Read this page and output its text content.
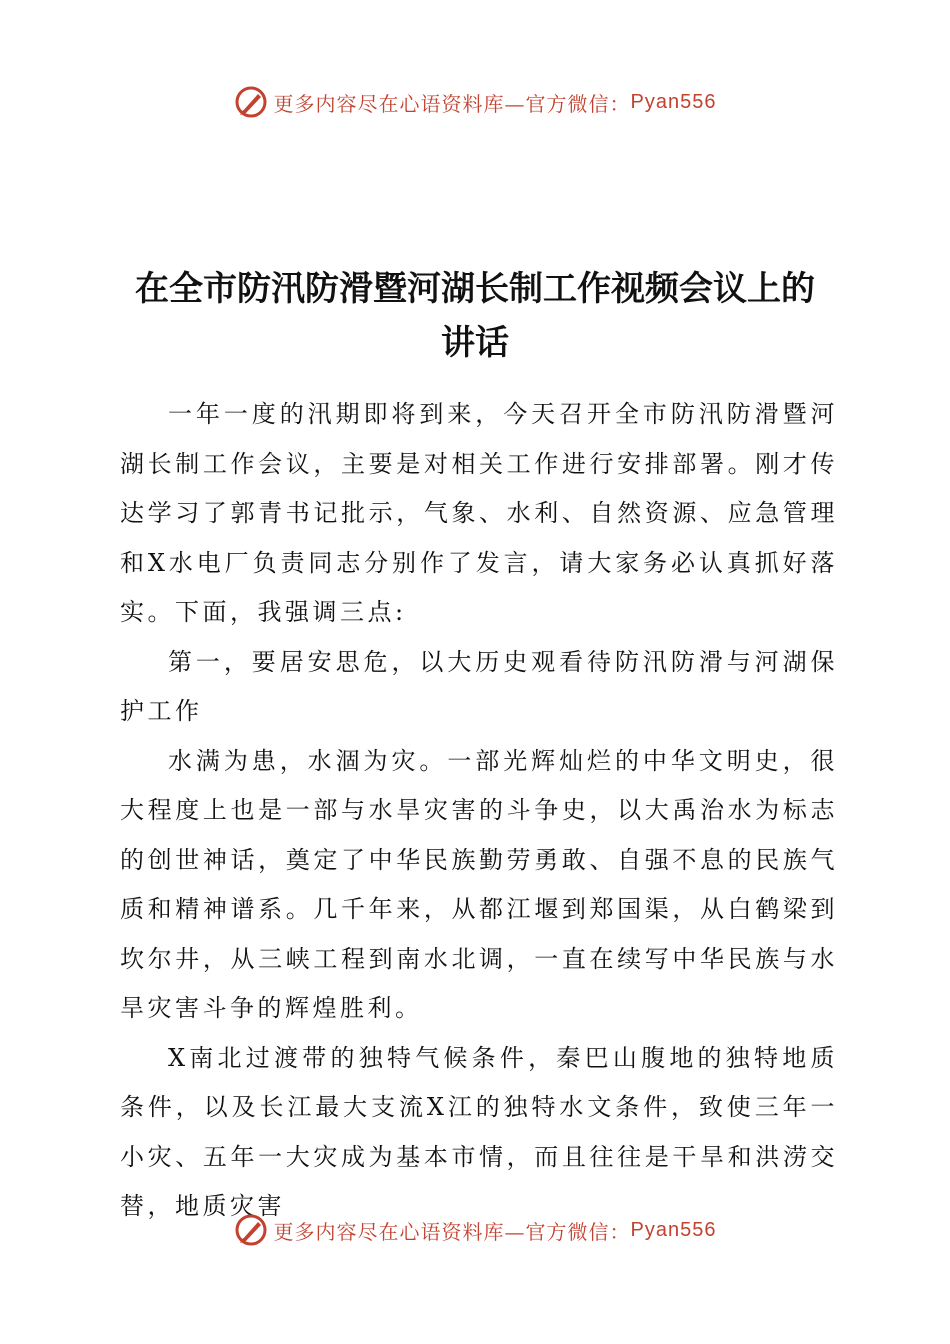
更多内容尽在心语资料库—官方微信： Pyan556
在全市防汛防滑暨河湖长制工作视频会议上的
讲话

一年一度的汛期即将到来，今天召开全市防汛防滑暨河湖长制工作会议，主要是对相关工作进行安排部署。刚才传达学习了郭青书记批示，气象、水利、自然资源、应急管理和X水电厂负责同志分别作了发言，请大家务必认真抓好落实。下面，我强调三点:

第一，要居安思危，以大历史观看待防汛防滑与河湖保护工作

水满为患，水涸为灾。一部光辉灿烂的中华文明史，很大程度上也是一部与水旱灾害的斗争史，以大禹治水为标志的创世神话，奠定了中华民族勤劳勇敢、自强不息的民族气质和精神谱系。几千年来，从都江堰到郑国渠，从白鹤梁到坎尔井，从三峡工程到南水北调，一直在续写中华民族与水旱灾害斗争的辉煌胜利。

X南北过渡带的独特气候条件，秦巴山腹地的独特地质条件，以及长江最大支流X江的独特水文条件，致使三年一小灾、五年一大灾成为基本市情，而且往往是干旱和洪涝交替，地质灾害

更多内容尽在心语资料库—官方微信： Pyan556
